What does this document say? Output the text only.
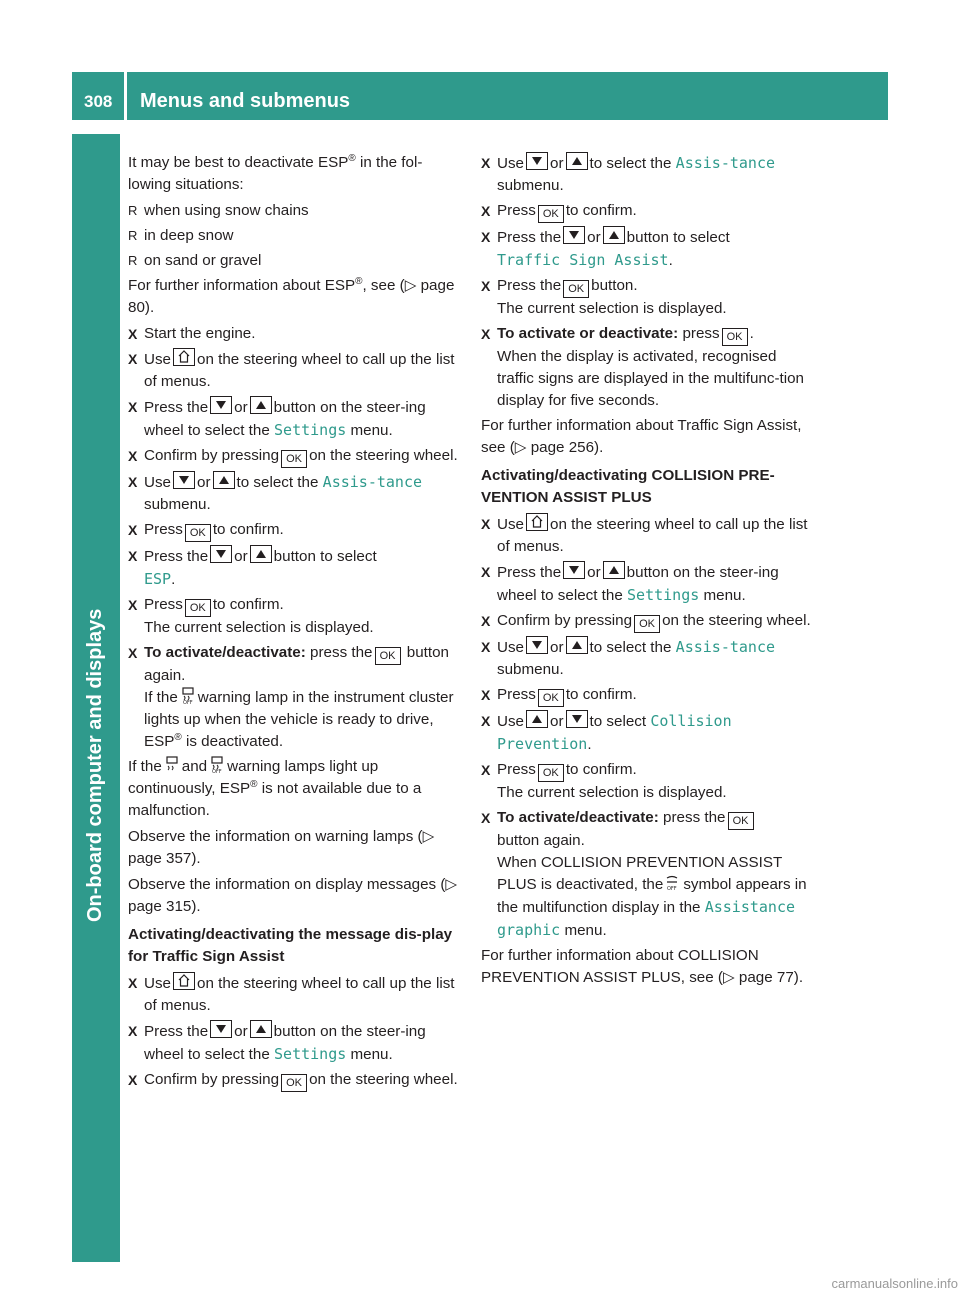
308 Menus and submenus
On-board computer and displays

It may be best to deactivate ESP® in the fol-lowing situations:

R when using snow chains
R in deep snow
R on sand or gravel

For further information about ESP®, see (▷ page 80).

X Start the engine.
X Use on the steering wheel to call up the list of menus.
X Press the or button on the steer-ing wheel to select the Settings menu.
X Confirm by pressing OK on the steering wheel.
X Use or to select the Assis‐tance submenu.
X Press OK to confirm.
X Press the or button to select
ESP.
X Press OK to confirm.
The current selection is displayed.
X To activate/deactivate: press the OK button again.
If the OFF warning lamp in the instrument cluster lights up when the vehicle is ready to drive, ESP® is deactivated.

If the and OFF warning lamps light up continuously, ESP® is not available due to a malfunction.

Observe the information on warning lamps (▷ page 357).

Observe the information on display messages (▷ page 315).

Activating/deactivating the message dis-play for Traffic Sign Assist
X Use on the steering wheel to call up the list of menus.
X Press the or button on the steer-ing wheel to select the Settings menu.
X Confirm by pressing OK on the steering wheel.
X Use or to select the Assis‐tance submenu.
X Press OK to confirm.
X Press the or button to select
Traffic Sign Assist.
X Press the OK button.
The current selection is displayed.
X To activate or deactivate: press OK .
When the display is activated, recognised traffic signs are displayed in the multifunc-tion display for five seconds.

For further information about Traffic Sign Assist, see (▷ page 256).

Activating/deactivating COLLISION PRE-VENTION ASSIST PLUS
X Use on the steering wheel to call up the list of menus.
X Press the or button on the steer-ing wheel to select the Settings menu.
X Confirm by pressing OK on the steering wheel.
X Use or to select the Assis‐tance submenu.
X Press OK to confirm.
X Use or to select Collision Prevention.
X Press OK to confirm.
The current selection is displayed.
X To activate/deactivate: press the OK
button again.
When COLLISION PREVENTION ASSIST PLUS is deactivated, the OFF symbol appears in the multifunction display in the Assistance graphic menu.

For further information about COLLISION PREVENTION ASSIST PLUS, see (▷ page 77).

carmanualsonline.info
